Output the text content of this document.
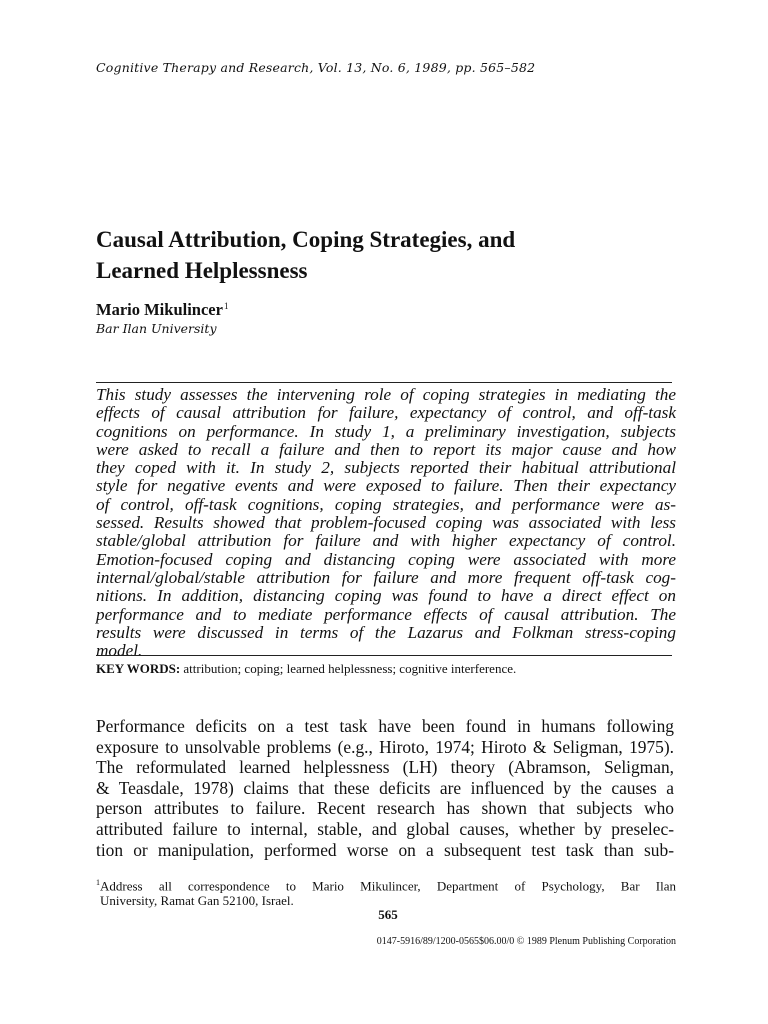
Cognitive Therapy and Research, Vol. 13, No. 6, 1989, pp. 565–582
Causal Attribution, Coping Strategies, and
Learned Helplessness
Mario Mikulincer$^1$
Bar Ilan University
This study assesses the intervening role of coping strategies in mediating the
effects of causal attribution for failure, expectancy of control, and off-task
cognitions on performance. In study 1, a preliminary investigation, subjects
were asked to recall a failure and then to report its major cause and how
they coped with it. In study 2, subjects reported their habitual attributional
style for negative events and were exposed to failure. Then their expectancy
of control, off-task cognitions, coping strategies, and performance were as-
sessed. Results showed that problem-focused coping was associated with less
stable/global attribution for failure and with higher expectancy of control.
Emotion-focused coping and distancing coping were associated with more
internal/global/stable attribution for failure and more frequent off-task cog-
nitions. In addition, distancing coping was found to have a direct effect on
performance and to mediate performance effects of causal attribution. The
results were discussed in terms of the Lazarus and Folkman stress-coping
model.
KEY WORDS: attribution; coping; learned helplessness; cognitive interference.
Performance deficits on a test task have been found in humans following
exposure to unsolvable problems (e.g., Hiroto, 1974; Hiroto & Seligman, 1975).
The reformulated learned helplessness (LH) theory (Abramson, Seligman,
& Teasdale, 1978) claims that these deficits are influenced by the causes a
person attributes to failure. Recent research has shown that subjects who
attributed failure to internal, stable, and global causes, whether by preselec-
tion or manipulation, performed worse on a subsequent test task than sub-
$^1$Address all correspondence to Mario Mikulincer, Department of Psychology, Bar Ilan
University, Ramat Gan 52100, Israel.
565
0147-5916/89/1200-0565$06.00/0 © 1989 Plenum Publishing Corporation
